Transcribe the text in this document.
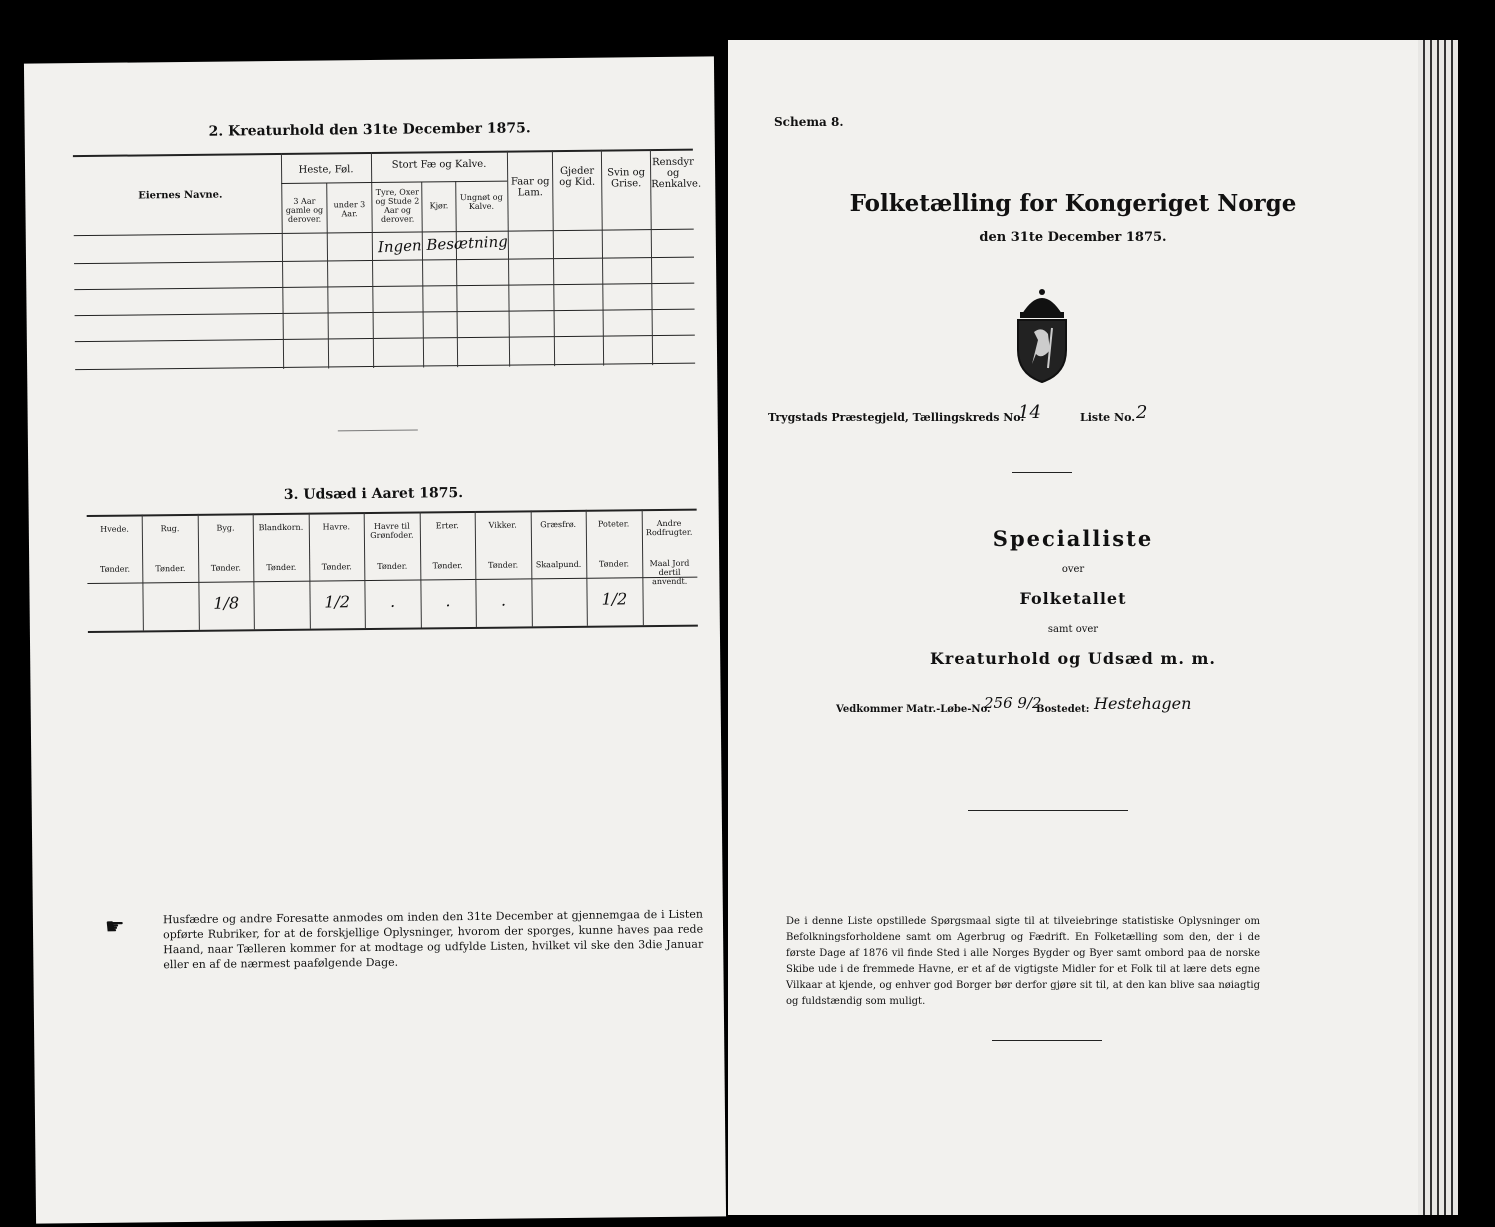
2. Kreaturhold den 31te December 1875.
Eiernes Navne.
Heste, Føl.
3 Aar gamle og derover.
under 3 Aar.
Stort Fæ og Kalve.
Tyre, Oxer og Stude 2 Aar og derover.
Kjør.
Ungnøt og Kalve.
Faar og Lam.
Gjeder og Kid.
Svin og Grise.
Rensdyr og Renkalve.
Ingen Besætning
3. Udsæd i Aaret 1875.
Hvede.
Tønder.
Rug.
Tønder.
Byg.
Tønder.
1/8
Blandkorn.
Tønder.
Havre.
Tønder.
1/2
Havre til Grønfoder.
Tønder.
.
Erter.
Tønder.
.
Vikker.
Tønder.
.
Græsfrø.
Skaalpund.
Poteter.
Tønder.
1/2
Andre Rodfrugter.
Maal Jord dertil anvendt.
☛	Husfædre og andre Foresatte anmodes om inden den 31te December at gjennemgaa de i Listen opførte Rubriker, for at de forskjellige Oplysninger, hvorom der sporges, kunne haves paa rede Haand, naar Tælleren kommer for at modtage og udfylde Listen, hvilket vil ske den 3die Januar eller en af de nærmest paafølgende Dage.
Schema 8.
Folketælling for Kongeriget Norge
den 31te December 1875.
Trygstads Præstegjeld, Tællingskreds No.
14	Liste No. 2
Specialliste
over
Folketallet
samt over
Kreaturhold og Udsæd m. m.
Vedkommer Matr.-Løbe-No.
256 9/2
Bostedet: Hestehagen
De i denne Liste opstillede Spørgsmaal sigte til at tilveiebringe statistiske Oplysninger om Befolkningsforholdene samt om Agerbrug og Fædrift. En Folketælling som den, der i de første Dage af 1876 vil finde Sted i alle Norges Bygder og Byer samt ombord paa de norske Skibe ude i de fremmede Havne, er et af de vigtigste Midler for et Folk til at lære dets egne Vilkaar at kjende, og enhver god Borger bør derfor gjøre sit til, at den kan blive saa nøiagtig og fuldstændig som muligt.
